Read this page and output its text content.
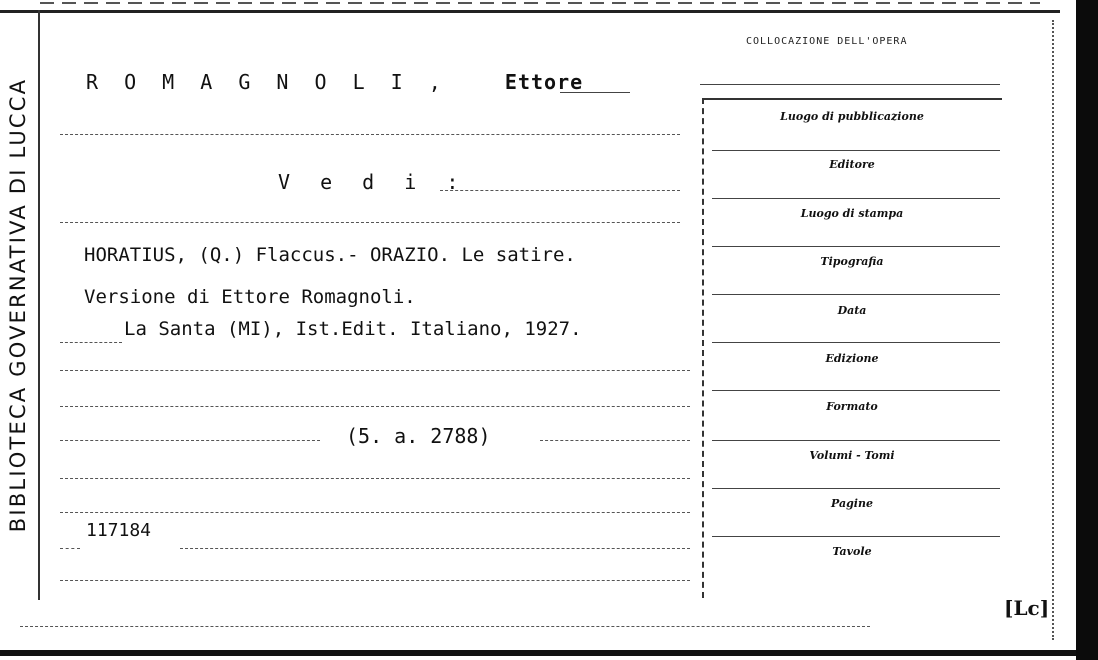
BIBLIOTECA GOVERNATIVA DI LUCCA	R O M A G N O L I ,	Ettore
V e d i :
HORATIUS, (Q.) Flaccus.- ORAZIO. Le satire.
Versione di Ettore Romagnoli.
La Santa (MI), Ist.Edit. Italiano, 1927.
(5. a. 2788)
117184
COLLOCAZIONE DELL'OPERA
Luogo di pubblicazione
Editore
Luogo di stampa
Tipografia
Data
Edizione
Formato
Volumi - Tomi
Pagine
Tavole
[Lc]
